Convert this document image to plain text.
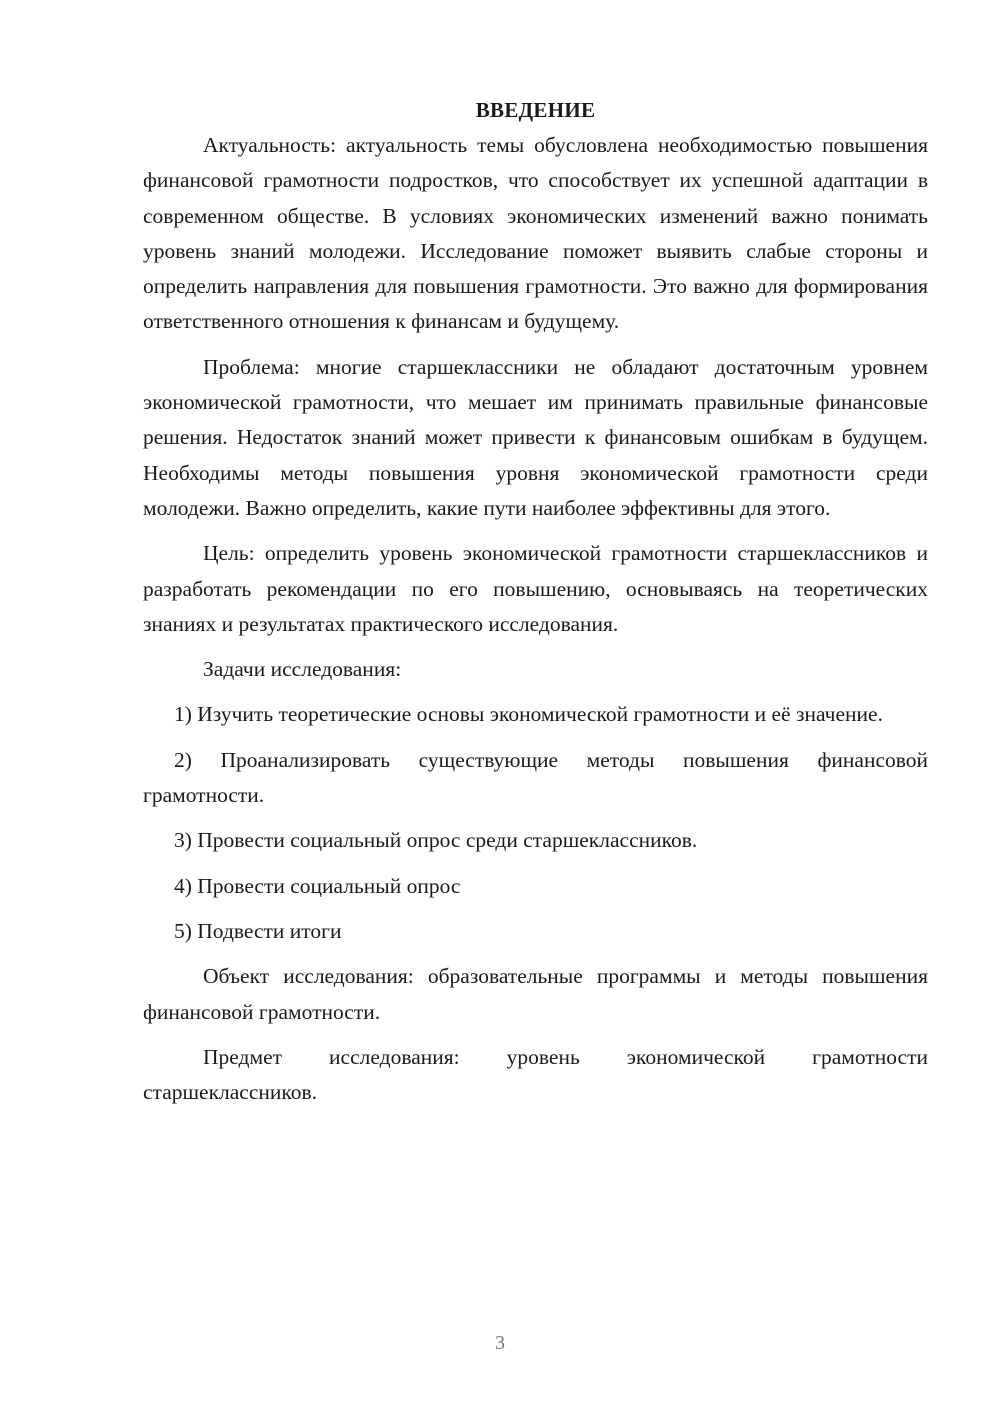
ВВЕДЕНИЕ

Актуальность: актуальность темы обусловлена необходимостью повышения финансовой грамотности подростков, что способствует их успешной адаптации в современном обществе. В условиях экономических изменений важно понимать уровень знаний молодежи. Исследование поможет выявить слабые стороны и определить направления для повышения грамотности. Это важно для формирования ответственного отношения к финансам и будущему.

Проблема: многие старшеклассники не обладают достаточным уровнем экономической грамотности, что мешает им принимать правильные финансовые решения. Недостаток знаний может привести к финансовым ошибкам в будущем. Необходимы методы повышения уровня экономической грамотности среди молодежи. Важно определить, какие пути наиболее эффективны для этого.

Цель: определить уровень экономической грамотности старшеклассников и разработать рекомендации по его повышению, основываясь на теоретических знаниях и результатах практического исследования.

Задачи исследования:

1) Изучить теоретические основы экономической грамотности и её значение.

2) Проанализировать существующие методы повышения финансовой грамотности.

3) Провести социальный опрос среди старшеклассников.

4) Провести социальный опрос

5) Подвести итоги

Объект исследования: образовательные программы и методы повышения финансовой грамотности.

Предмет исследования: уровень экономической грамотности старшеклассников.

3
